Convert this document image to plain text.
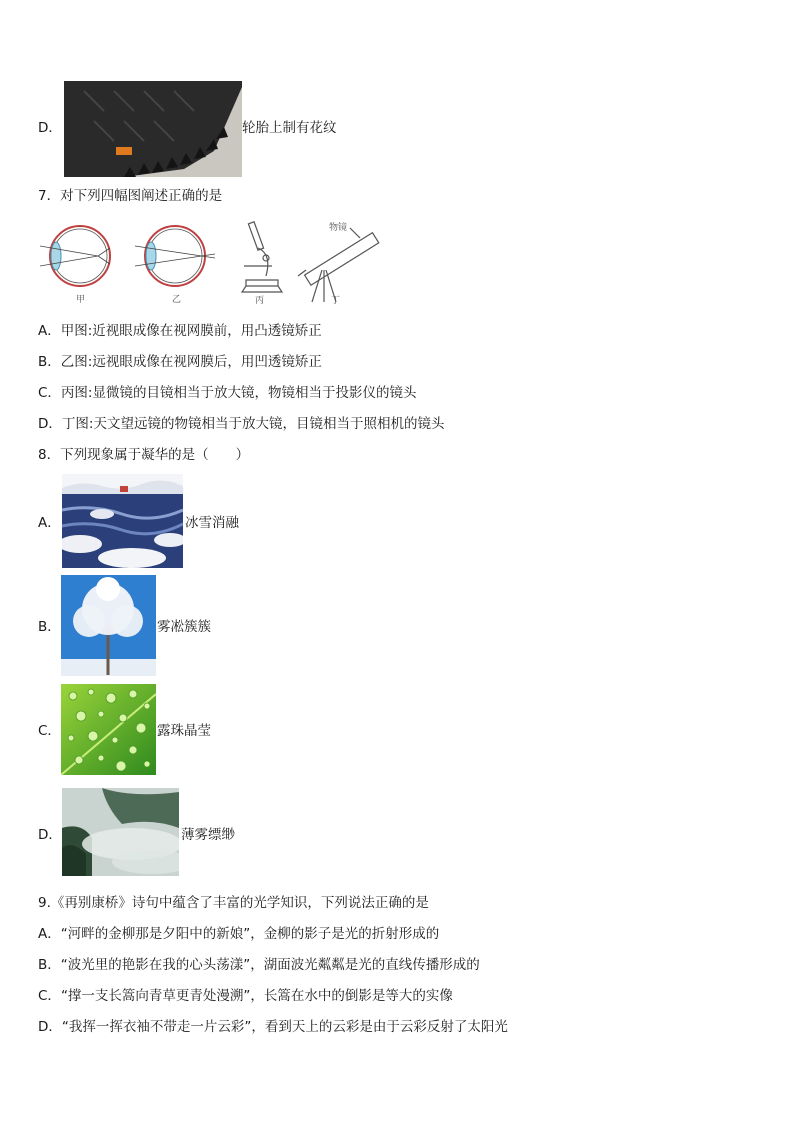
D．	轮胎上制有花纹
7．对下列四幅图阐述正确的是
甲	乙	丙	丁
物镜
A．甲图:近视眼成像在视网膜前，用凸透镜矫正
B．乙图:远视眼成像在视网膜后，用凹透镜矫正
C．丙图:显微镜的目镜相当于放大镜，物镜相当于投影仪的镜头
D．丁图:天文望远镜的物镜相当于放大镜，目镜相当于照相机的镜头
8．下列现象属于凝华的是（　　）
A．	冰雪消融
B．	雾凇簇簇
C．	露珠晶莹
D．	薄雾缥缈
9.《再别康桥》诗句中蕴含了丰富的光学知识，下列说法正确的是
A．“河畔的金柳那是夕阳中的新娘”，金柳的影子是光的折射形成的
B．“波光里的艳影在我的心头荡漾”，湖面波光粼粼是光的直线传播形成的
C．“撑一支长篙向青草更青处漫溯”，长篙在水中的倒影是等大的实像
D．“我挥一挥衣袖不带走一片云彩”，看到天上的云彩是由于云彩反射了太阳光
